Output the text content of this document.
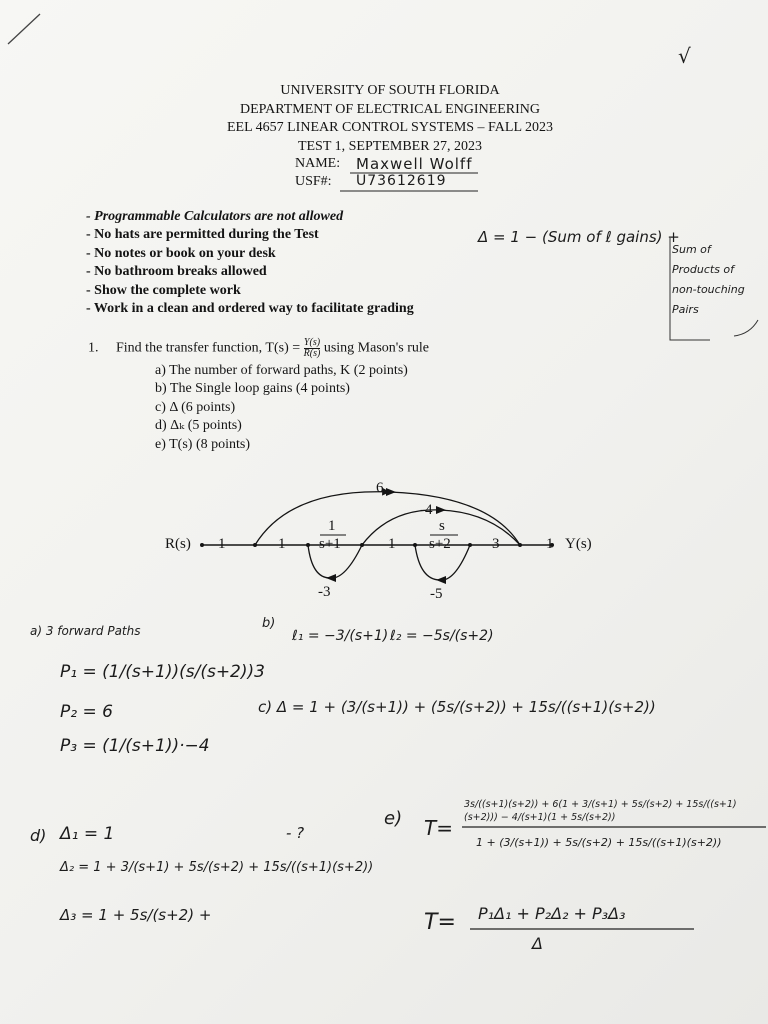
√
UNIVERSITY OF SOUTH FLORIDA
DEPARTMENT OF ELECTRICAL ENGINEERING
EEL 4657 LINEAR CONTROL SYSTEMS – FALL 2023
TEST 1, SEPTEMBER 27, 2023
NAME: Maxwell Wolff
USF#: U73612619
- Programmable Calculators are not allowed
- No hats are permitted during the Test
- No notes or book on your desk
- No bathroom breaks allowed
- Show the complete work
- Work in a clean and ordered way to facilitate grading
Δ = 1 − (Sum of ℓ gains) +
Sum of
Products of
non-touching
Pairs
1. Find the transfer function, $T(s) = \frac{Y(s)}{R(s)}$ using Mason's rule
a) The number of forward paths, K (2 points)
b) The Single loop gains (4 points)
c) Δ (6 points)
d) Δₖ (5 points)
e) T(s) (8 points)
R(s)	Y(s)
1	1
1
s+1	1
s
s+2	3	1
6
-4
-3	-5
a) 3 forward Paths
P₁ = (1/(s+1))(s/(s+2))3
P₂ = 6
P₃ = (1/(s+1))·−4
b)
ℓ₁ = −3/(s+1) ℓ₂ = −5s/(s+2)
c) Δ = 1 + (3/(s+1)) + (5s/(s+2)) + 15s/((s+1)(s+2))
d) Δ₁ = 1	- ?
Δ₂ = 1 + 3/(s+1) + 5s/(s+2) + 15s/((s+1)(s+2))
Δ₃ = 1 + 5s/(s+2) +
e) T=
3s/((s+1)(s+2)) + 6(1 + 3/(s+1) + 5s/(s+2) + 15s/((s+1)(s+2))) − 4/(s+1)(1 + 5s/(s+2))
1 + (3/(s+1)) + 5s/(s+2) + 15s/((s+1)(s+2))
T= P₁Δ₁ + P₂Δ₂ + P₃Δ₃
Δ
